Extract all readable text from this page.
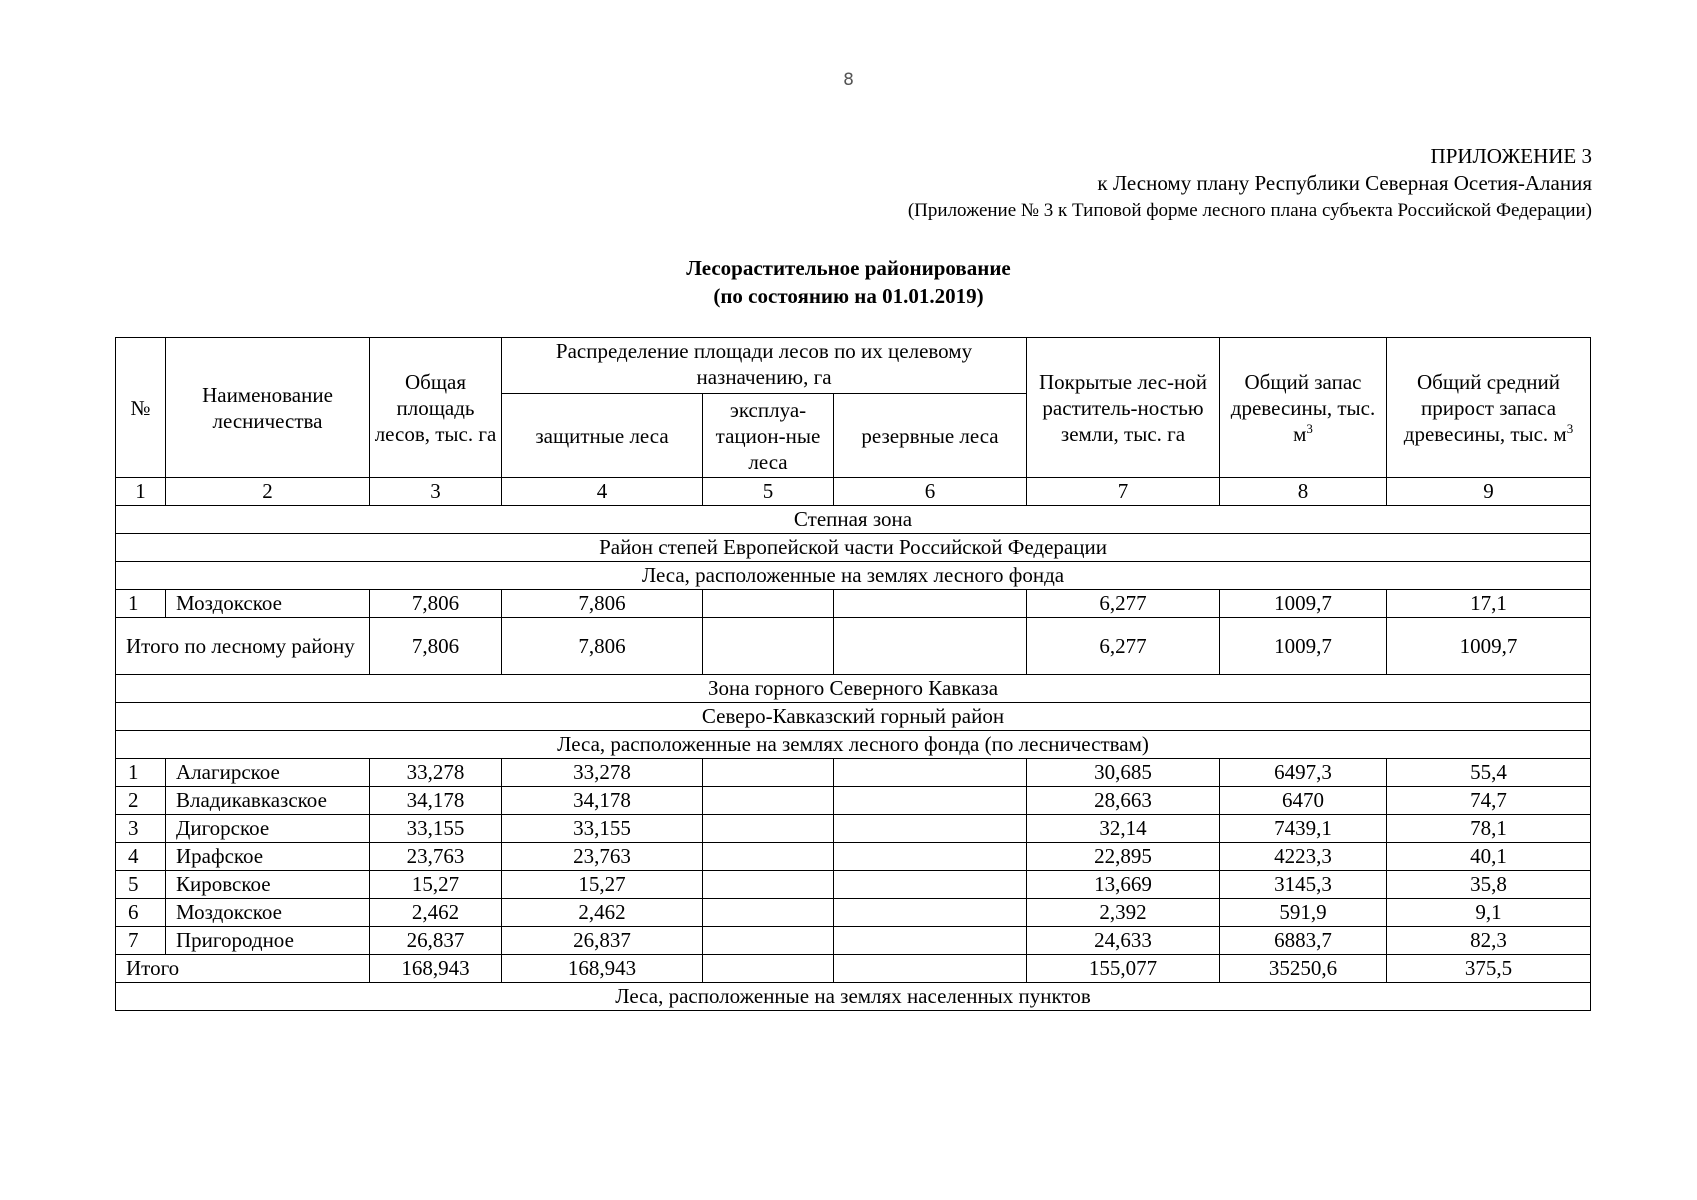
8
ПРИЛОЖЕНИЕ 3
к Лесному плану Республики Северная Осетия-Алания
(Приложение № 3 к Типовой форме лесного плана субъекта Российской Федерации)
Лесорастительное районирование
(по состоянию на 01.01.2019)
№	Наименование лесничества	Общая площадь лесов, тыс. га	Распределение площади лесов по их целевому назначению, га			Покрытые лес-ной раститель-ностью земли, тыс. га	Общий запас древесины, тыс. $м^3$	Общий средний прирост запаса древесины, тыс. $м^3$
			защитные леса	эксплуа-тацион-ные леса	резервные леса			
1	2	3	4	5	6	7	8	9
Степная зона								
Район степей Европейской части Российской Федерации								
Леса, расположенные на землях лесного фонда								
1	Моздокское	7,806	7,806			6,277	1009,7	17,1
Итого по лесному району		7,806	7,806			6,277	1009,7	1009,7
Зона горного Северного Кавказа								
Северо-Кавказский горный район								
Леса, расположенные на землях лесного фонда (по лесничествам)								
1	Алагирское	33,278	33,278			30,685	6497,3	55,4
2	Владикавказское	34,178	34,178			28,663	6470	74,7
3	Дигорское	33,155	33,155			32,14	7439,1	78,1
4	Ирафское	23,763	23,763			22,895	4223,3	40,1
5	Кировское	15,27	15,27			13,669	3145,3	35,8
6	Моздокское	2,462	2,462			2,392	591,9	9,1
7	Пригородное	26,837	26,837			24,633	6883,7	82,3
Итого		168,943	168,943			155,077	35250,6	375,5
Леса, расположенные на землях населенных пунктов								
